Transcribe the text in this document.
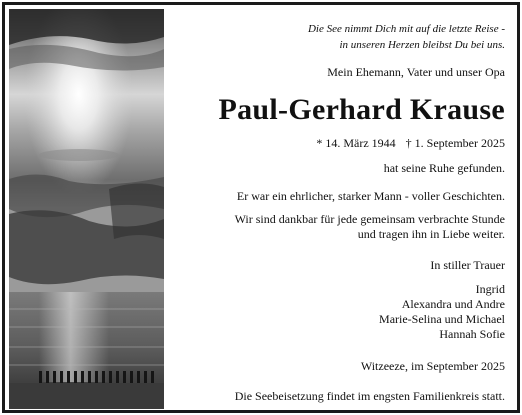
Die See nimmt Dich mit auf die letzte Reise -
in unseren Herzen bleibst Du bei uns.
Mein Ehemann, Vater und unser Opa
Paul-Gerhard Krause
* 14. März 1944 † 1. September 2025
hat seine Ruhe gefunden.
Er war ein ehrlicher, starker Mann - voller Geschichten.
Wir sind dankbar für jede gemeinsam verbrachte Stunde
und tragen ihn in Liebe weiter.
In stiller Trauer
Ingrid
Alexandra und Andre
Marie-Selina und Michael
Hannah Sofie
Witzeeze, im September 2025
Die Seebeisetzung findet im engsten Familienkreis statt.
